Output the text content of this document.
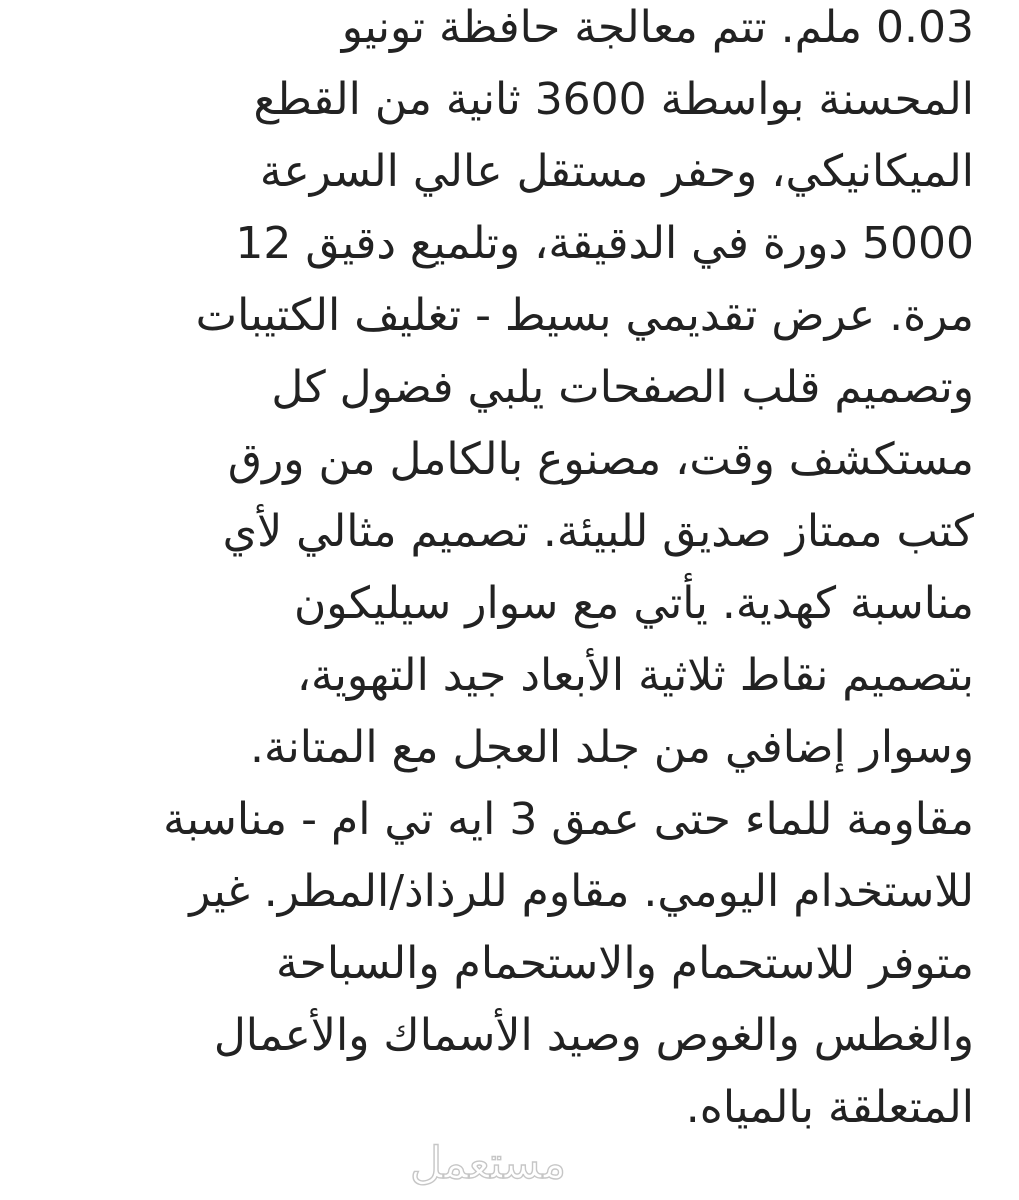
0.03 ملم. تتم معالجة حافظة تونيو
المحسنة بواسطة 3600 ثانية من القطع
الميكانيكي، وحفر مستقل عالي السرعة
5000 دورة في الدقيقة، وتلميع دقيق 12
مرة. عرض تقديمي بسيط - تغليف الكتيبات
وتصميم قلب الصفحات يلبي فضول كل
مستكشف وقت، مصنوع بالكامل من ورق
كتب ممتاز صديق للبيئة. تصميم مثالي لأي
مناسبة كهدية. يأتي مع سوار سيليكون
بتصميم نقاط ثلاثية الأبعاد جيد التهوية،
وسوار إضافي من جلد العجل مع المتانة.
مقاومة للماء حتى عمق 3 ايه تي ام - مناسبة
للاستخدام اليومي. مقاوم للرذاذ/المطر. غير
متوفر للاستحمام والاستحمام والسباحة
والغطس والغوص وصيد الأسماك والأعمال
المتعلقة بالمياه.
مستعمل
